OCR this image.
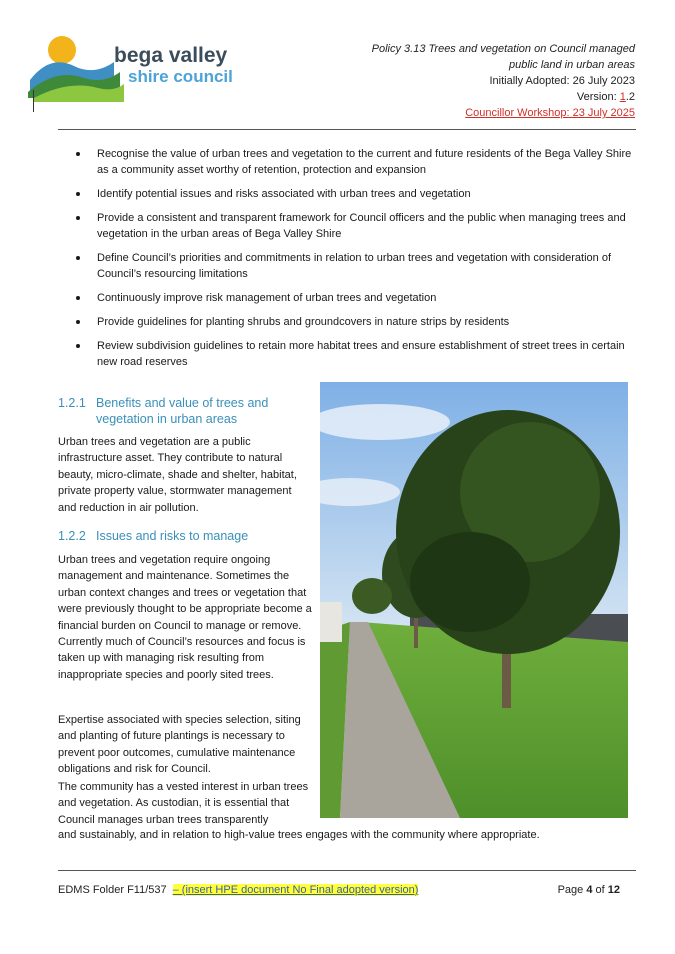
bega valley
shire council
Policy 3.13 Trees and vegetation on Council managed
public land in urban areas
Initially Adopted: 26 July 2023
Version: 1.2
Councillor Workshop: 23 July 2025
Recognise the value of urban trees and vegetation to the current and future residents of the Bega Valley Shire as a community asset worthy of retention, protection and expansion
Identify potential issues and risks associated with urban trees and vegetation
Provide a consistent and transparent framework for Council officers and the public when managing trees and vegetation in the urban areas of Bega Valley Shire
Define Council’s priorities and commitments in relation to urban trees and vegetation with consideration of Council’s resourcing limitations
Continuously improve risk management of urban trees and vegetation
Provide guidelines for planting shrubs and groundcovers in nature strips by residents
Review subdivision guidelines to retain more habitat trees and ensure establishment of street trees in certain new road reserves
1.2.1 Benefits and value of trees and
vegetation in urban areas

Urban trees and vegetation are a public infrastructure asset. They contribute to natural beauty, micro-climate, shade and shelter, habitat, private property value, stormwater management and reduction in air pollution.

1.2.2 Issues and risks to manage

Urban trees and vegetation require ongoing management and maintenance. Sometimes the urban context changes and trees or vegetation that were previously thought to be appropriate become a financial burden on Council to manage or remove. Currently much of Council’s resources and focus is taken up with managing risk resulting from inappropriate species and poorly sited trees.

Expertise associated with species selection, siting and planting of future plantings is necessary to prevent poor outcomes, cumulative maintenance obligations and risk for Council.

The community has a vested interest in urban trees and vegetation. As custodian, it is essential that Council manages urban trees transparently

and sustainably, and in relation to high-value trees engages with the community where appropriate.

EDMS Folder F11/537 – (insert HPE document No Final adopted version)	Page 4 of 12
